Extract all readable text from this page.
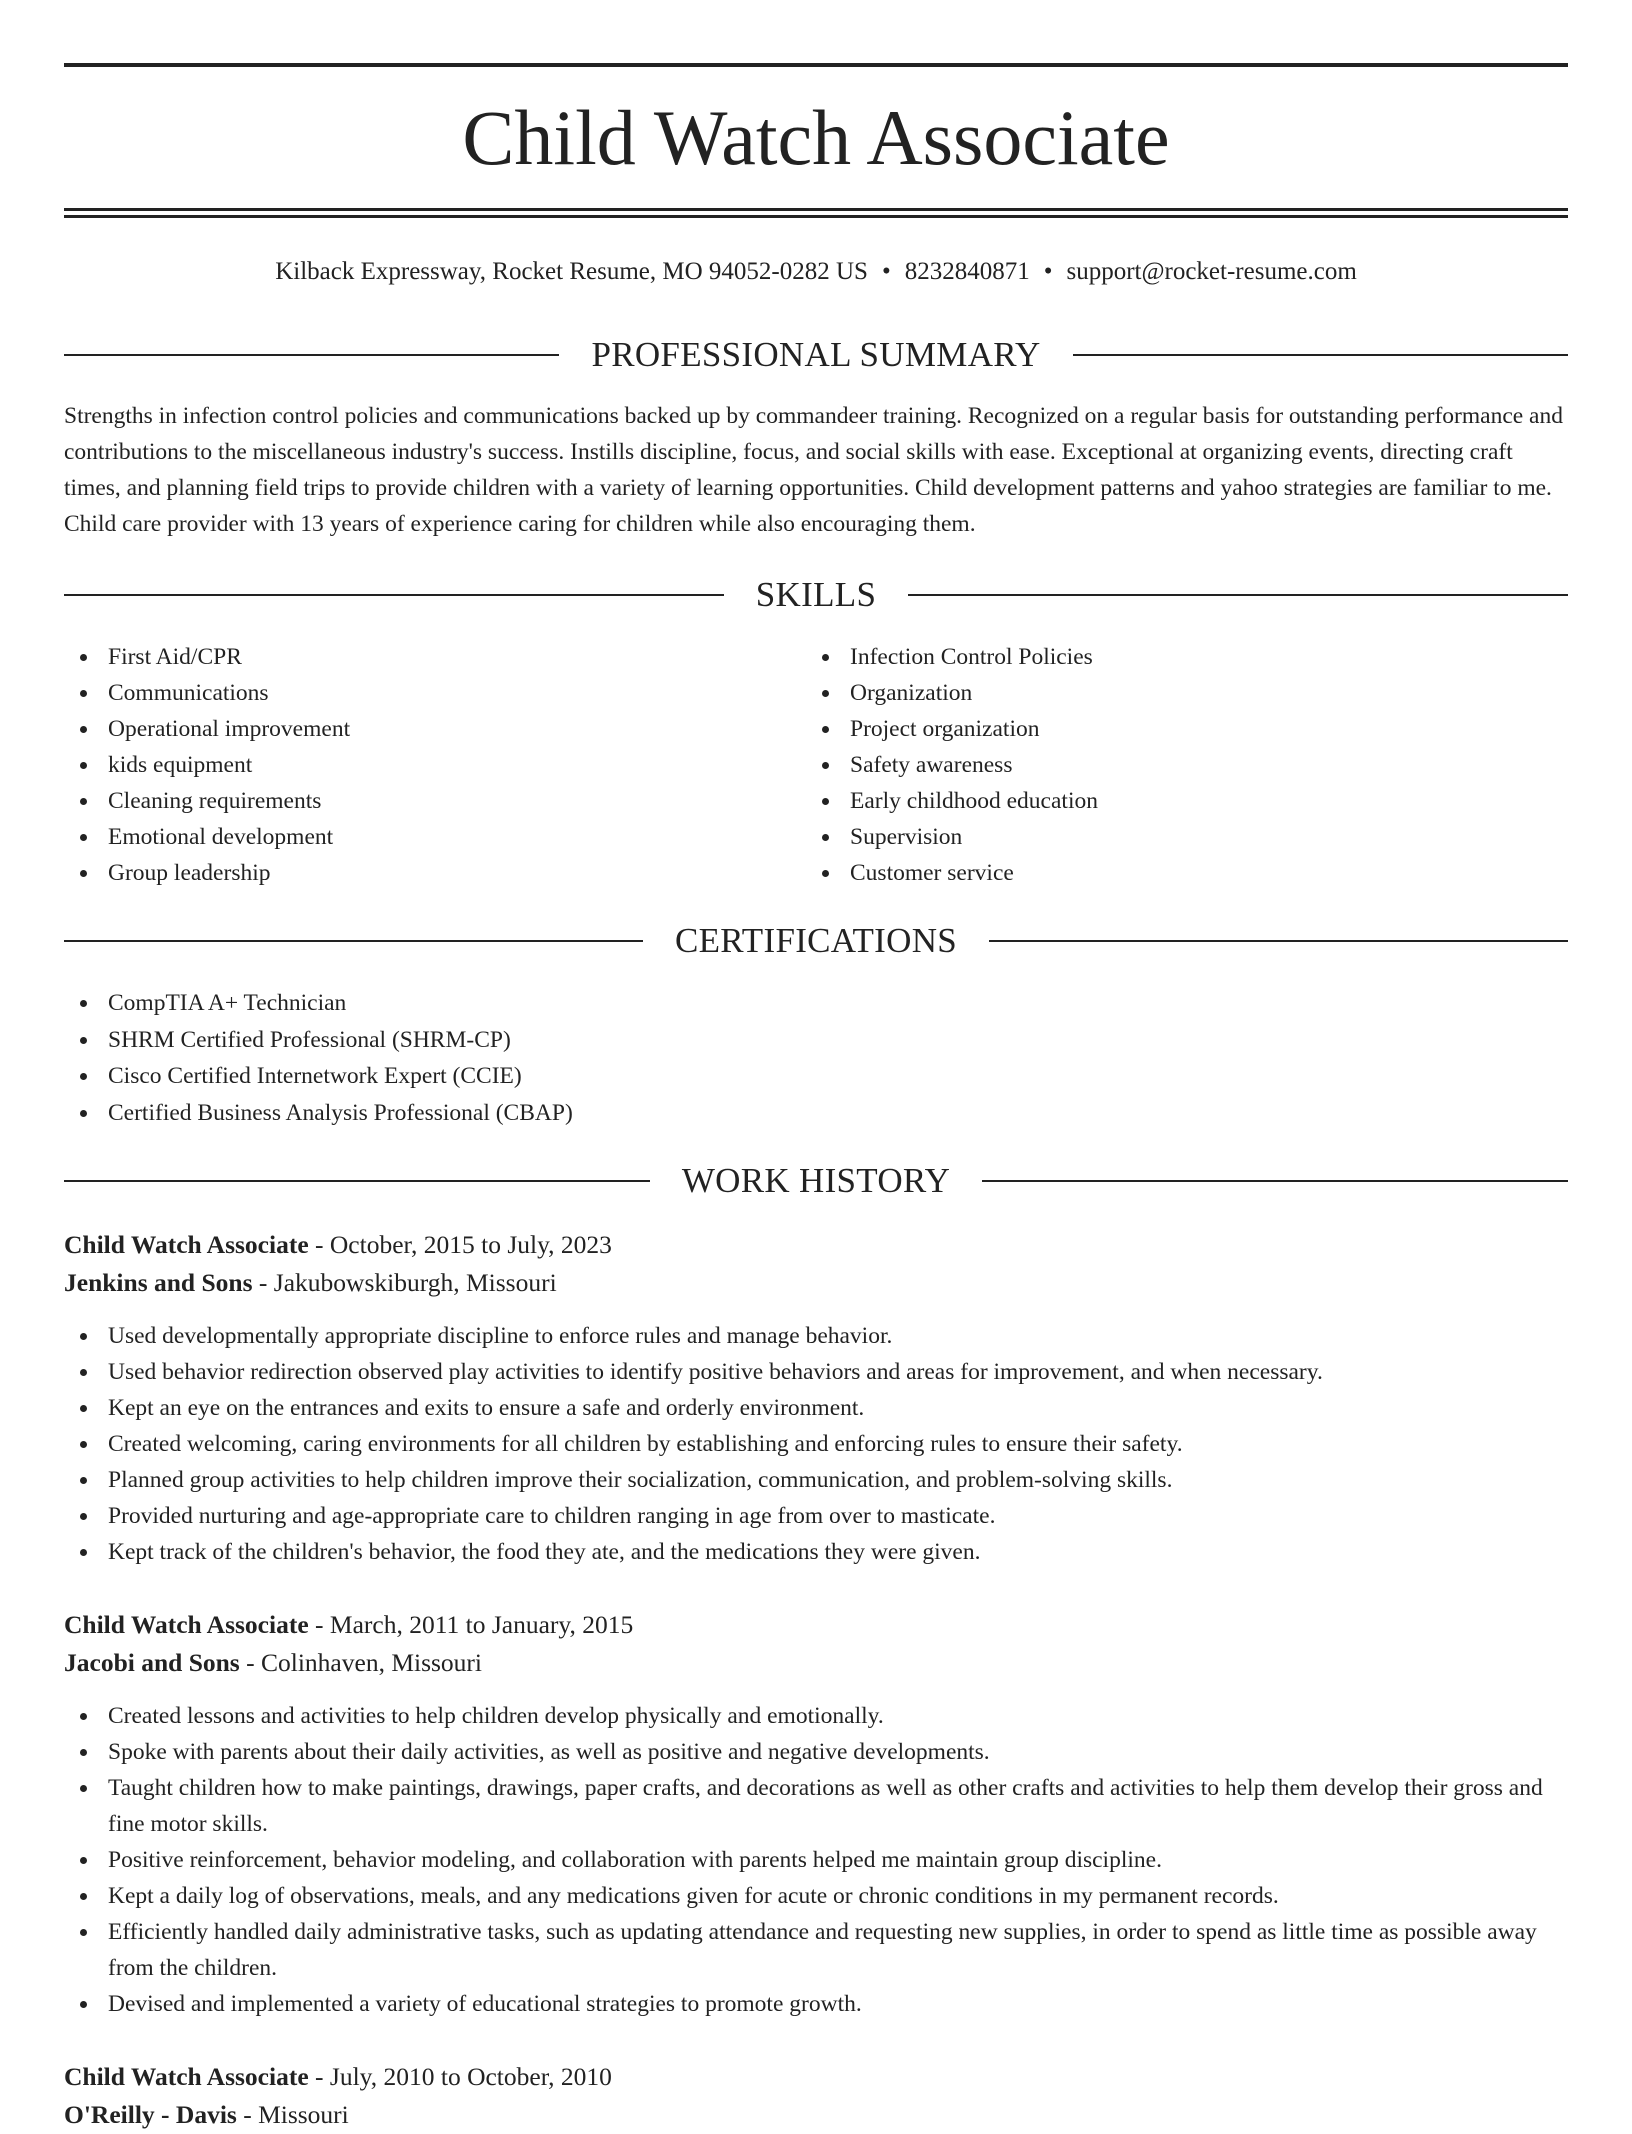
Child Watch Associate
Kilback Expressway, Rocket Resume, MO 94052-0282 US • 8232840871 • support@rocket-resume.com
PROFESSIONAL SUMMARY

Strengths in infection control policies and communications backed up by commandeer training. Recognized on a regular basis for outstanding performance and contributions to the miscellaneous industry's success. Instills discipline, focus, and social skills with ease. Exceptional at organizing events, directing craft times, and planning field trips to provide children with a variety of learning opportunities. Child development patterns and yahoo strategies are familiar to me. Child care provider with 13 years of experience caring for children while also encouraging them.

SKILLS
First Aid/CPR
Communications
Operational improvement
kids equipment
Cleaning requirements
Emotional development
Group leadership
Infection Control Policies
Organization
Project organization
Safety awareness
Early childhood education
Supervision
Customer service
CERTIFICATIONS
CompTIA A+ Technician
SHRM Certified Professional (SHRM-CP)
Cisco Certified Internetwork Expert (CCIE)
Certified Business Analysis Professional (CBAP)
WORK HISTORY
Child Watch Associate - October, 2015 to July, 2023
Jenkins and Sons - Jakubowskiburgh, Missouri
Used developmentally appropriate discipline to enforce rules and manage behavior.
Used behavior redirection observed play activities to identify positive behaviors and areas for improvement, and when necessary.
Kept an eye on the entrances and exits to ensure a safe and orderly environment.
Created welcoming, caring environments for all children by establishing and enforcing rules to ensure their safety.
Planned group activities to help children improve their socialization, communication, and problem-solving skills.
Provided nurturing and age-appropriate care to children ranging in age from over to masticate.
Kept track of the children's behavior, the food they ate, and the medications they were given.
Child Watch Associate - March, 2011 to January, 2015
Jacobi and Sons - Colinhaven, Missouri
Created lessons and activities to help children develop physically and emotionally.
Spoke with parents about their daily activities, as well as positive and negative developments.
Taught children how to make paintings, drawings, paper crafts, and decorations as well as other crafts and activities to help them develop their gross and fine motor skills.
Positive reinforcement, behavior modeling, and collaboration with parents helped me maintain group discipline.
Kept a daily log of observations, meals, and any medications given for acute or chronic conditions in my permanent records.
Efficiently handled daily administrative tasks, such as updating attendance and requesting new supplies, in order to spend as little time as possible away from the children.
Devised and implemented a variety of educational strategies to promote growth.
Child Watch Associate - July, 2010 to October, 2010
O'Reilly - Davis - Missouri
